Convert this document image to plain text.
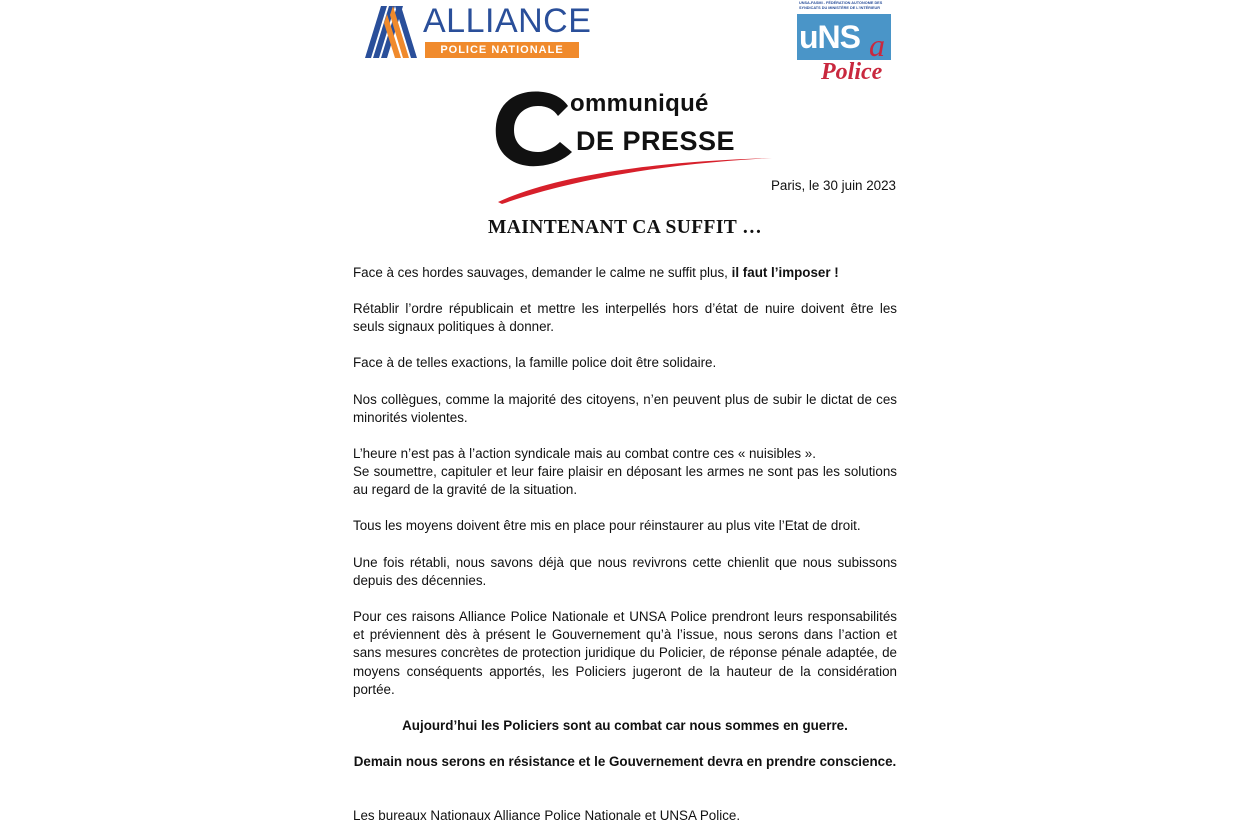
ALLIANCE
POLICE NATIONALE
UNSA-FASMI - FÉDÉRATION AUTONOME DES SYNDICATS DU MINISTÈRE DE L'INTÉRIEUR
uNS a
Police
ommuniqué
DE PRESSE
Paris, le 30 juin 2023
MAINTENANT CA SUFFIT …

Face à ces hordes sauvages, demander le calme ne suffit plus, il faut l’imposer !

Rétablir l’ordre républicain et mettre les interpellés hors d’état de nuire doivent être les seuls signaux politiques à donner.

Face à de telles exactions, la famille police doit être solidaire.

Nos collègues, comme la majorité des citoyens, n’en peuvent plus de subir le dictat de ces minorités violentes.

L’heure n’est pas à l’action syndicale mais au combat contre ces « nuisibles ».

Se soumettre, capituler et leur faire plaisir en déposant les armes ne sont pas les solutions au regard de la gravité de la situation.

Tous les moyens doivent être mis en place pour réinstaurer au plus vite l’Etat de droit.

Une fois rétabli, nous savons déjà que nous revivrons cette chienlit que nous subissons depuis des décennies.

Pour ces raisons Alliance Police Nationale et UNSA Police prendront leurs responsabilités et préviennent dès à présent le Gouvernement qu’à l’issue, nous serons dans l’action et sans mesures concrètes de protection juridique du Policier, de réponse pénale adaptée, de moyens conséquents apportés, les Policiers jugeront de la hauteur de la considération portée.

Aujourd’hui les Policiers sont au combat car nous sommes en guerre.
Demain nous serons en résistance et le Gouvernement devra en prendre conscience.

Les bureaux Nationaux Alliance Police Nationale et UNSA Police.
